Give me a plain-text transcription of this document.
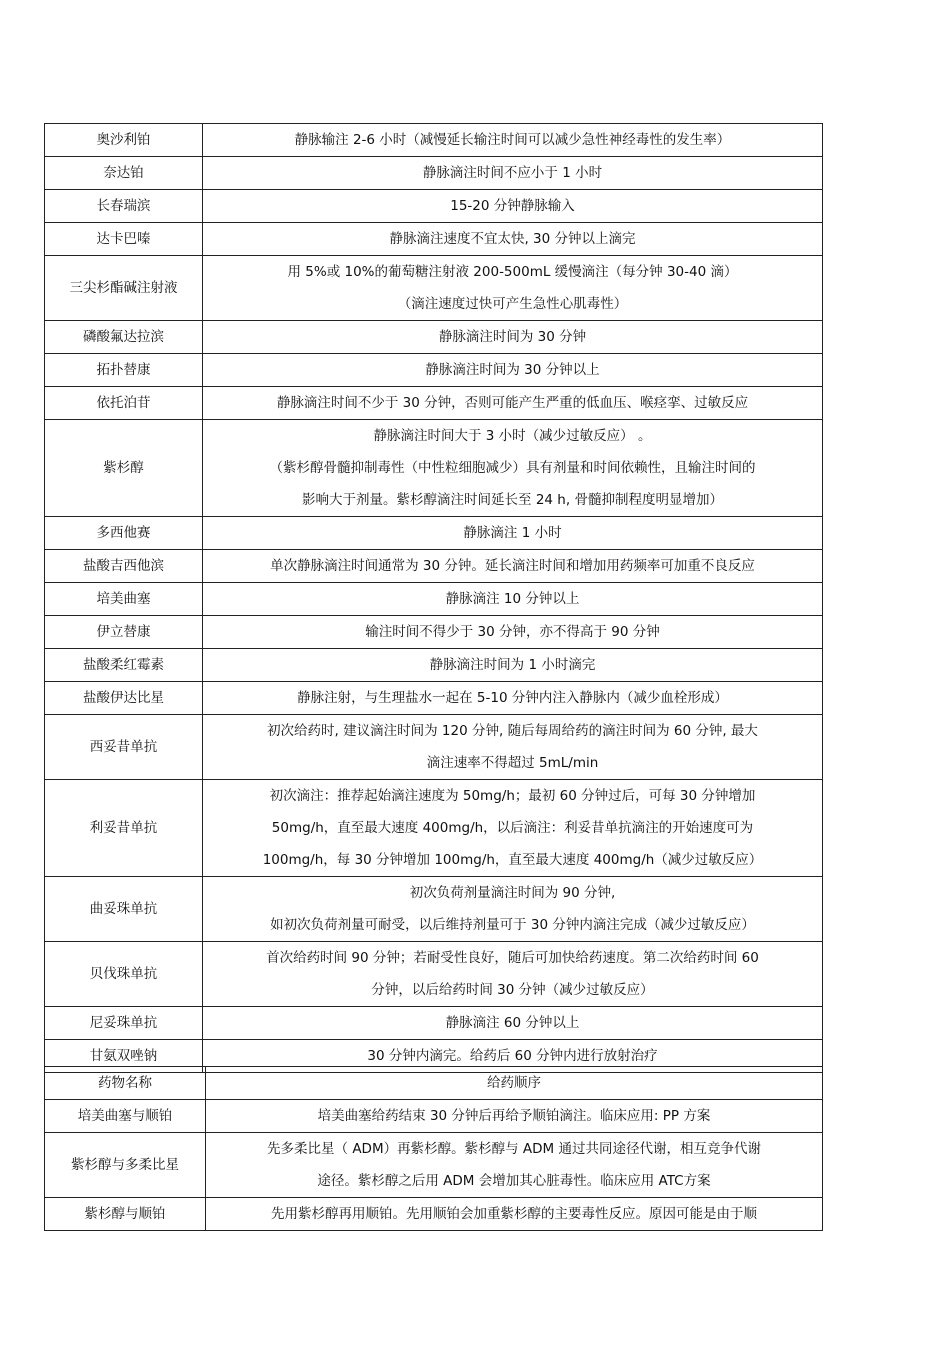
奥沙利铂	静脉输注 2-6 小时（减慢延长输注时间可以减少急性神经毒性的发生率）

奈达铂	静脉滴注时间不应小于 1 小时

长春瑞滨	15-20 分钟静脉输入

达卡巴嗪	静脉滴注速度不宜太快, 30 分钟以上滴完

三尖杉酯碱注射液	用 5%或 10%的葡萄糖注射液 200-500mL 缓慢滴注（每分钟 30-40 滴）
（滴注速度过快可产生急性心肌毒性）

磷酸氟达拉滨	静脉滴注时间为 30 分钟

拓扑替康	静脉滴注时间为 30 分钟以上

依托泊苷	静脉滴注时间不少于 30 分钟，否则可能产生严重的低血压、喉痉挛、过敏反应

紫杉醇	静脉滴注时间大于 3 小时（减少过敏反应） 。
（紫杉醇骨髓抑制毒性（中性粒细胞减少）具有剂量和时间依赖性，且输注时间的
影响大于剂量。紫杉醇滴注时间延长至 24 h, 骨髓抑制程度明显增加）

多西他赛	静脉滴注 1 小时

盐酸吉西他滨	单次静脉滴注时间通常为 30 分钟。延长滴注时间和增加用药频率可加重不良反应

培美曲塞	静脉滴注 10 分钟以上

伊立替康	输注时间不得少于 30 分钟，亦不得高于 90 分钟

盐酸柔红霉素	静脉滴注时间为 1 小时滴完

盐酸伊达比星	静脉注射，与生理盐水一起在 5-10 分钟内注入静脉内（减少血栓形成）

西妥昔单抗	初次给药时, 建议滴注时间为 120 分钟, 随后每周给药的滴注时间为 60 分钟, 最大
滴注速率不得超过 5mL/min

利妥昔单抗	初次滴注：推荐起始滴注速度为 50mg/h；最初 60 分钟过后，可每 30 分钟增加
50mg/h，直至最大速度 400mg/h，以后滴注：利妥昔单抗滴注的开始速度可为
100mg/h，每 30 分钟增加 100mg/h，直至最大速度 400mg/h（减少过敏反应）

曲妥珠单抗	初次负荷剂量滴注时间为 90 分钟,
如初次负荷剂量可耐受，以后维持剂量可于 30 分钟内滴注完成（减少过敏反应）

贝伐珠单抗	首次给药时间 90 分钟；若耐受性良好，随后可加快给药速度。第二次给药时间 60
分钟，以后给药时间 30 分钟（减少过敏反应）

尼妥珠单抗	静脉滴注 60 分钟以上

甘氨双唑钠	30 分钟内滴完。给药后 60 分钟内进行放射治疗
药物名称	给药顺序
培美曲塞与顺铂	培美曲塞给药结束 30 分钟后再给予顺铂滴注。临床应用: PP 方案

紫杉醇与多柔比星	先多柔比星（ ADM）再紫杉醇。紫杉醇与 ADM 通过共同途径代谢，相互竞争代谢
途径。紫杉醇之后用 ADM 会增加其心脏毒性。临床应用 ATC方案

紫杉醇与顺铂	先用紫杉醇再用顺铂。先用顺铂会加重紫杉醇的主要毒性反应。原因可能是由于顺
